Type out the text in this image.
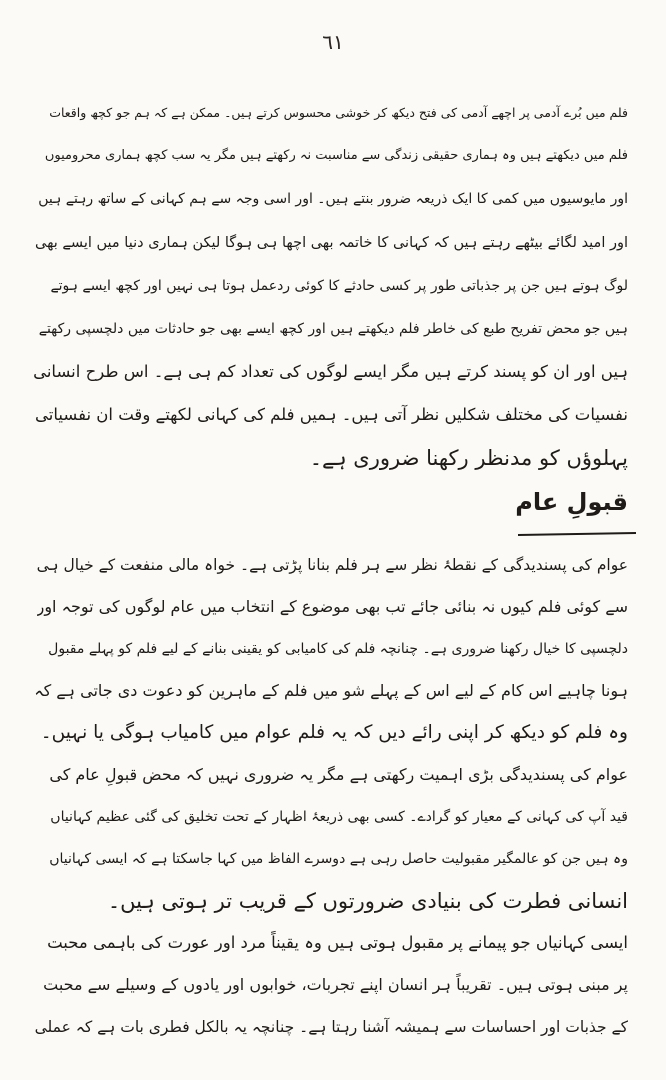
٦١
فلم میں بُرے آدمی پر اچھے آدمی کی فتح دیکھ کر خوشی محسوس کرتے ہیں۔ ممکن ہے کہ ہم جو کچھ واقعات
فلم میں دیکھتے ہیں وہ ہماری حقیقی زندگی سے مناسبت نہ رکھتے ہیں مگر یہ سب کچھ ہماری محرومیوں
اور مایوسیوں میں کمی کا ایک ذریعہ ضرور بنتے ہیں۔ اور اسی وجہ سے ہم کہانی کے ساتھ رہتے ہیں
اور امید لگائے بیٹھے رہتے ہیں کہ کہانی کا خاتمہ بھی اچھا ہی ہوگا لیکن ہماری دنیا میں ایسے بھی
لوگ ہوتے ہیں جن پر جذباتی طور پر کسی حادثے کا کوئی ردعمل ہوتا ہی نہیں اور کچھ ایسے ہوتے
ہیں جو محض تفریح طبع کی خاطر فلم دیکھتے ہیں اور کچھ ایسے بھی جو حادثات میں دلچسپی رکھتے
ہیں اور ان کو پسند کرتے ہیں مگر ایسے لوگوں کی تعداد کم ہی ہے۔ اس طرح انسانی
نفسیات کی مختلف شکلیں نظر آتی ہیں۔ ہمیں فلم کی کہانی لکھتے وقت ان نفسیاتی
پہلوؤں کو مدنظر رکھنا ضروری ہے۔
قبولِ عام
عوام کی پسندیدگی کے نقطۂ نظر سے ہر فلم بنانا پڑتی ہے۔ خواہ مالی منفعت کے خیال ہی
سے کوئی فلم کیوں نہ بنائی جائے تب بھی موضوع کے انتخاب میں عام لوگوں کی توجہ اور
دلچسپی کا خیال رکھنا ضروری ہے۔ چنانچہ فلم کی کامیابی کو یقینی بنانے کے لیے فلم کو پہلے مقبول
ہونا چاہیے اس کام کے لیے اس کے پہلے شو میں فلم کے ماہرین کو دعوت دی جاتی ہے کہ
وہ فلم کو دیکھ کر اپنی رائے دیں کہ یہ فلم عوام میں کامیاب ہوگی یا نہیں۔
عوام کی پسندیدگی بڑی اہمیت رکھتی ہے مگر یہ ضروری نہیں کہ محض قبولِ عام کی
قید آپ کی کہانی کے معیار کو گرادے۔ کسی بھی ذریعۂ اظہار کے تحت تخلیق کی گئی عظیم کہانیاں
وہ ہیں جن کو عالمگیر مقبولیت حاصل رہی ہے دوسرے الفاظ میں کہا جاسکتا ہے کہ ایسی کہانیاں
انسانی فطرت کی بنیادی ضرورتوں کے قریب تر ہوتی ہیں۔
ایسی کہانیاں جو پیمانے پر مقبول ہوتی ہیں وہ یقیناً مرد اور عورت کی باہمی محبت
پر مبنی ہوتی ہیں۔ تقریباً ہر انسان اپنے تجربات، خوابوں اور یادوں کے وسیلے سے محبت
کے جذبات اور احساسات سے ہمیشہ آشنا رہتا ہے۔ چنانچہ یہ بالکل فطری بات ہے کہ عملی
